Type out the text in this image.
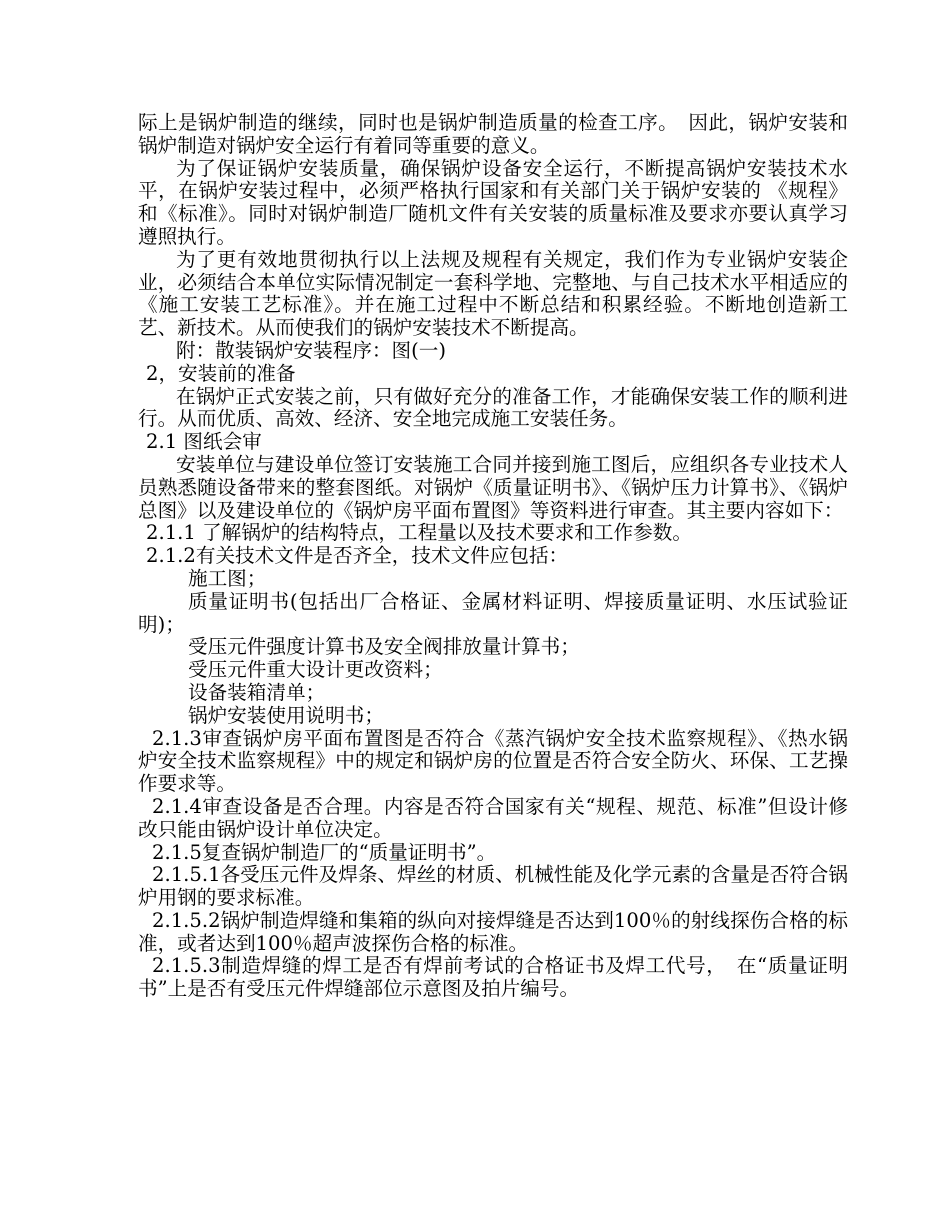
际上是锅炉制造的继续，同时也是锅炉制造质量的检查工序。　因此，锅炉安装和锅炉制造对锅炉安全运行有着同等重要的意义。

为了保证锅炉安装质量，确保锅炉设备安全运行，不断提高锅炉安装技术水平，在锅炉安装过程中，必须严格执行国家和有关部门关于锅炉安装的 《规程》和《标准》。同时对锅炉制造厂随机文件有关安装的质量标准及要求亦要认真学习遵照执行。

为了更有效地贯彻执行以上法规及规程有关规定，我们作为专业锅炉安装企业，必须结合本单位实际情况制定一套科学地、完整地、与自己技术水平相适应的　《施工安装工艺标准》。并在施工过程中不断总结和积累经验。不断地创造新工艺、新技术。从而使我们的锅炉安装技术不断提高。

附：散装锅炉安装程序：图(一)

2，安装前的准备

在锅炉正式安装之前，只有做好充分的准备工作，才能确保安装工作的顺利进行。从而优质、高效、经济、安全地完成施工安装任务。

2.1 图纸会审

安装单位与建设单位签订安装施工合同并接到施工图后，应组织各专业技术人员熟悉随设备带来的整套图纸。对锅炉《质量证明书》、《锅炉压力计算书》、《锅炉总图》以及建设单位的《锅炉房平面布置图》等资料进行审查。其主要内容如下：

2.1.1 了解锅炉的结构特点，工程量以及技术要求和工作参数。

2.1.2有关技术文件是否齐全，技术文件应包括：

施工图；

质量证明书(包括出厂合格证、金属材料证明、焊接质量证明、水压试验证明)；

受压元件强度计算书及安全阀排放量计算书；

受压元件重大设计更改资料；

设备装箱清单；

锅炉安装使用说明书；

2.1.3审查锅炉房平面布置图是否符合《蒸汽锅炉安全技术监察规程》、《热水锅炉安全技术监察规程》中的规定和锅炉房的位置是否符合安全防火、环保、工艺操作要求等。

2.1.4审查设备是否合理。内容是否符合国家有关“规程、规范、标准”但设计修改只能由锅炉设计单位决定。

2.1.5复查锅炉制造厂的“质量证明书”。

2.1.5.1各受压元件及焊条、焊丝的材质、机械性能及化学元素的含量是否符合锅炉用钢的要求标准。

2.1.5.2锅炉制造焊缝和集箱的纵向对接焊缝是否达到100％的射线探伤合格的标准，或者达到100％超声波探伤合格的标准。

2.1.5.3制造焊缝的焊工是否有焊前考试的合格证书及焊工代号，　在“质量证明书”上是否有受压元件焊缝部位示意图及拍片编号。
